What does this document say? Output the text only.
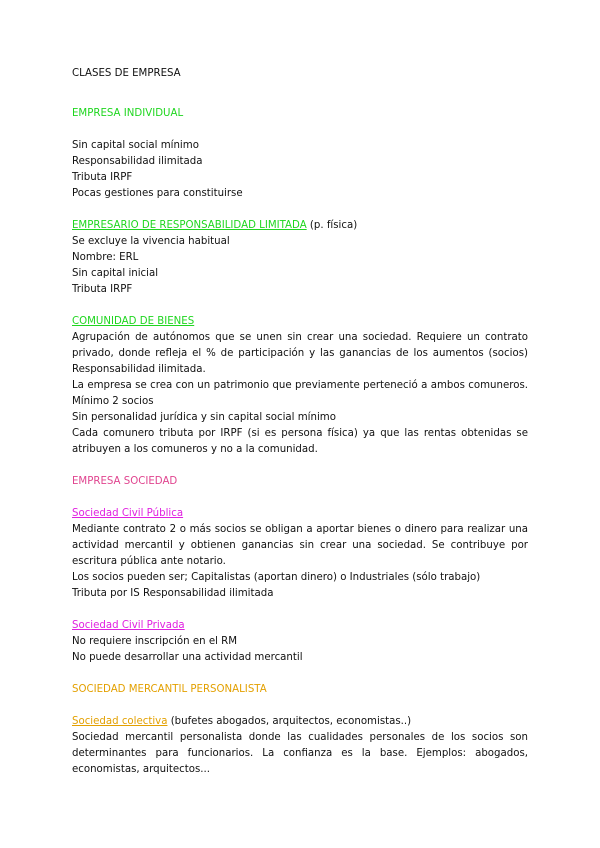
CLASES DE EMPRESA
EMPRESA INDIVIDUAL
Sin capital social mínimo
Responsabilidad ilimitada
Tributa IRPF
Pocas gestiones para constituirse
EMPRESARIO DE RESPONSABILIDAD LIMITADA (p. física)
Se excluye la vivencia habitual
Nombre: ERL
Sin capital inicial
Tributa IRPF
COMUNIDAD DE BIENES
Agrupación de autónomos que se unen sin crear una sociedad. Requiere un contrato privado, donde refleja el % de participación y las ganancias de los aumentos (socios) Responsabilidad ilimitada.
La empresa se crea con un patrimonio que previamente perteneció a ambos comuneros. Mínimo 2 socios
Sin personalidad jurídica y sin capital social mínimo
Cada comunero tributa por IRPF (si es persona física) ya que las rentas obtenidas se atribuyen a los comuneros y no a la comunidad.
EMPRESA SOCIEDAD
Sociedad Civil Pública
Mediante contrato 2 o más socios se obligan a aportar bienes o dinero para realizar una actividad mercantil y obtienen ganancias sin crear una sociedad. Se contribuye por escritura pública ante notario.
Los socios pueden ser; Capitalistas (aportan dinero) o Industriales (sólo trabajo)
Tributa por IS Responsabilidad ilimitada
Sociedad Civil Privada
No requiere inscripción en el RM
No puede desarrollar una actividad mercantil
SOCIEDAD MERCANTIL PERSONALISTA
Sociedad colectiva (bufetes abogados, arquitectos, economistas..)
Sociedad mercantil personalista donde las cualidades personales de los socios son determinantes para funcionarios. La confianza es la base. Ejemplos: abogados, economistas, arquitectos...
